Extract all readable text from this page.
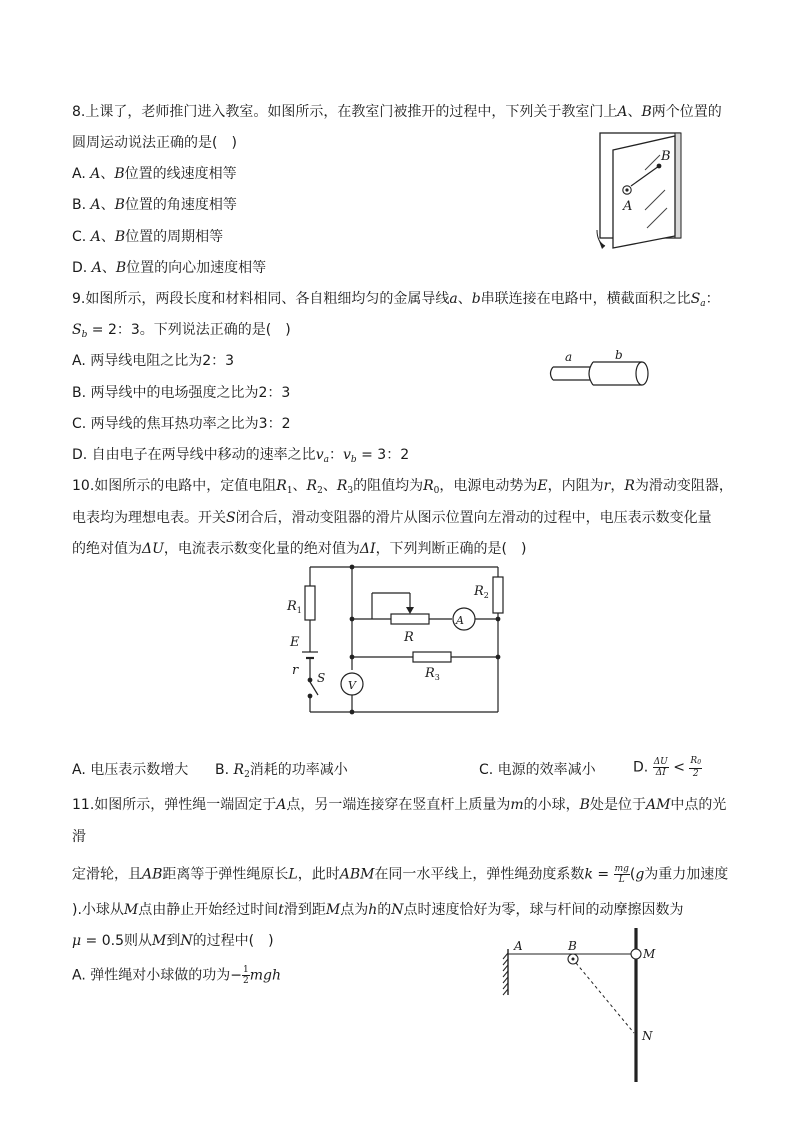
8.上课了，老师推门进入教室。如图所示，在教室门被推开的过程中，下列关于教室门上A、B两个位置的
圆周运动说法正确的是(　)
A. A、B位置的线速度相等
B. A、B位置的角速度相等
C. A、B位置的周期相等
D. A、B位置的向心加速度相等
B
A
9.如图所示，两段长度和材料相同、各自粗细均匀的金属导线a、b串联连接在电路中，横截面积之比$S_a$：
$S_b = 2$：3。下列说法正确的是(　)
A. 两导线电阻之比为2：3
B. 两导线中的电场强度之比为2：3
C. 两导线的焦耳热功率之比为3：2
D. 自由电子在两导线中移动的速率之比$v_a$：$v_b = 3$：2
a	b
10.如图所示的电路中，定值电阻$R_1$、$R_2$、$R_3$的阻值均为$R_0$，电源电动势为E，内阻为r，R为滑动变阻器，
电表均为理想电表。开关S闭合后，滑动变阻器的滑片从图示位置向左滑动的过程中，电压表示数变化量
的绝对值为ΔU，电流表示数变化量的绝对值为ΔI，下列判断正确的是(　)
$R_1$
E
r S
$R_2$
R
$R_3$
A
V
A. 电压表示数增大 B. $R_2$消耗的功率减小	C. 电源的效率减小	D. $\frac{\Delta U}{\Delta I} < \frac{R_0}{2}$
11.如图所示，弹性绳一端固定于A点，另一端连接穿在竖直杆上质量为m的小球，B处是位于AM中点的光
滑
定滑轮，且AB距离等于弹性绳原长L，此时ABM在同一水平线上，弹性绳劲度系数$k = \frac{mg}{L} (g$为重力加速度
).小球从M点由静止开始经过时间t滑到距M点为h的N点时速度恰好为零，球与杆间的动摩擦因数为
μ = 0.5则从M到N的过程中(　)
A. 弹性绳对小球做的功为− $\frac{1}{2}$ mgh
A	B
M
N
